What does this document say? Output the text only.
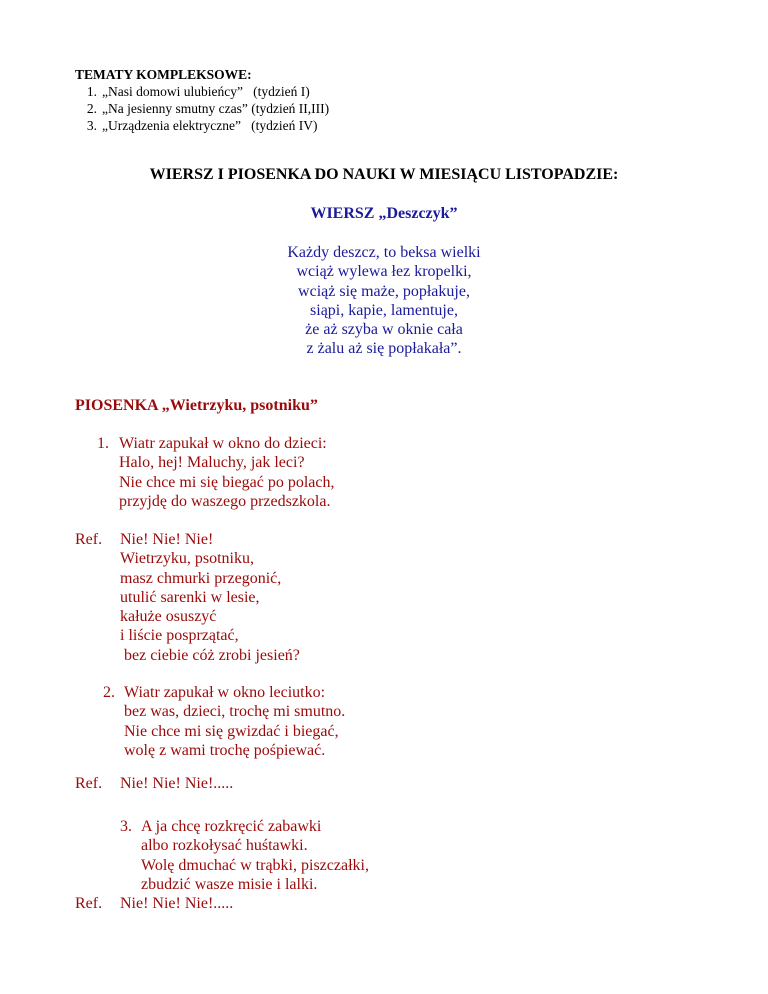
TEMATY KOMPLEKSOWE:
1. „Nasi domowi ulubieńcy” (tydzień I)
2. „Na jesienny smutny czas” (tydzień II,III)
3. „Urządzenia elektryczne” (tydzień IV)
WIERSZ I PIOSENKA DO NAUKI W MIESIĄCU LISTOPADZIE:
WIERSZ „Deszczyk”
Każdy deszcz, to beksa wielki
wciąż wylewa łez kropelki,
wciąż się maże, popłakuje,
siąpi, kapie, lamentuje,
że aż szyba w oknie cała
z żalu aż się popłakała”.
PIOSENKA „Wietrzyku, psotniku”
1. Wiatr zapukał w okno do dzieci:
Halo, hej! Maluchy, jak leci?
Nie chce mi się biegać po polach,
przyjdę do waszego przedszkola.
Ref. Nie! Nie! Nie!
Wietrzyku, psotniku,
masz chmurki przegonić,
utulić sarenki w lesie,
kałuże osuszyć
i liście posprzątać,
bez ciebie cóż zrobi jesień?
2. Wiatr zapukał w okno leciutko:
bez was, dzieci, trochę mi smutno.
Nie chce mi się gwizdać i biegać,
wolę z wami trochę pośpiewać.
Ref. Nie! Nie! Nie!.....
3. A ja chcę rozkręcić zabawki
albo rozkołysać huśtawki.
Wolę dmuchać w trąbki, piszczałki,
zbudzić wasze misie i lalki.
Ref. Nie! Nie! Nie!.....
